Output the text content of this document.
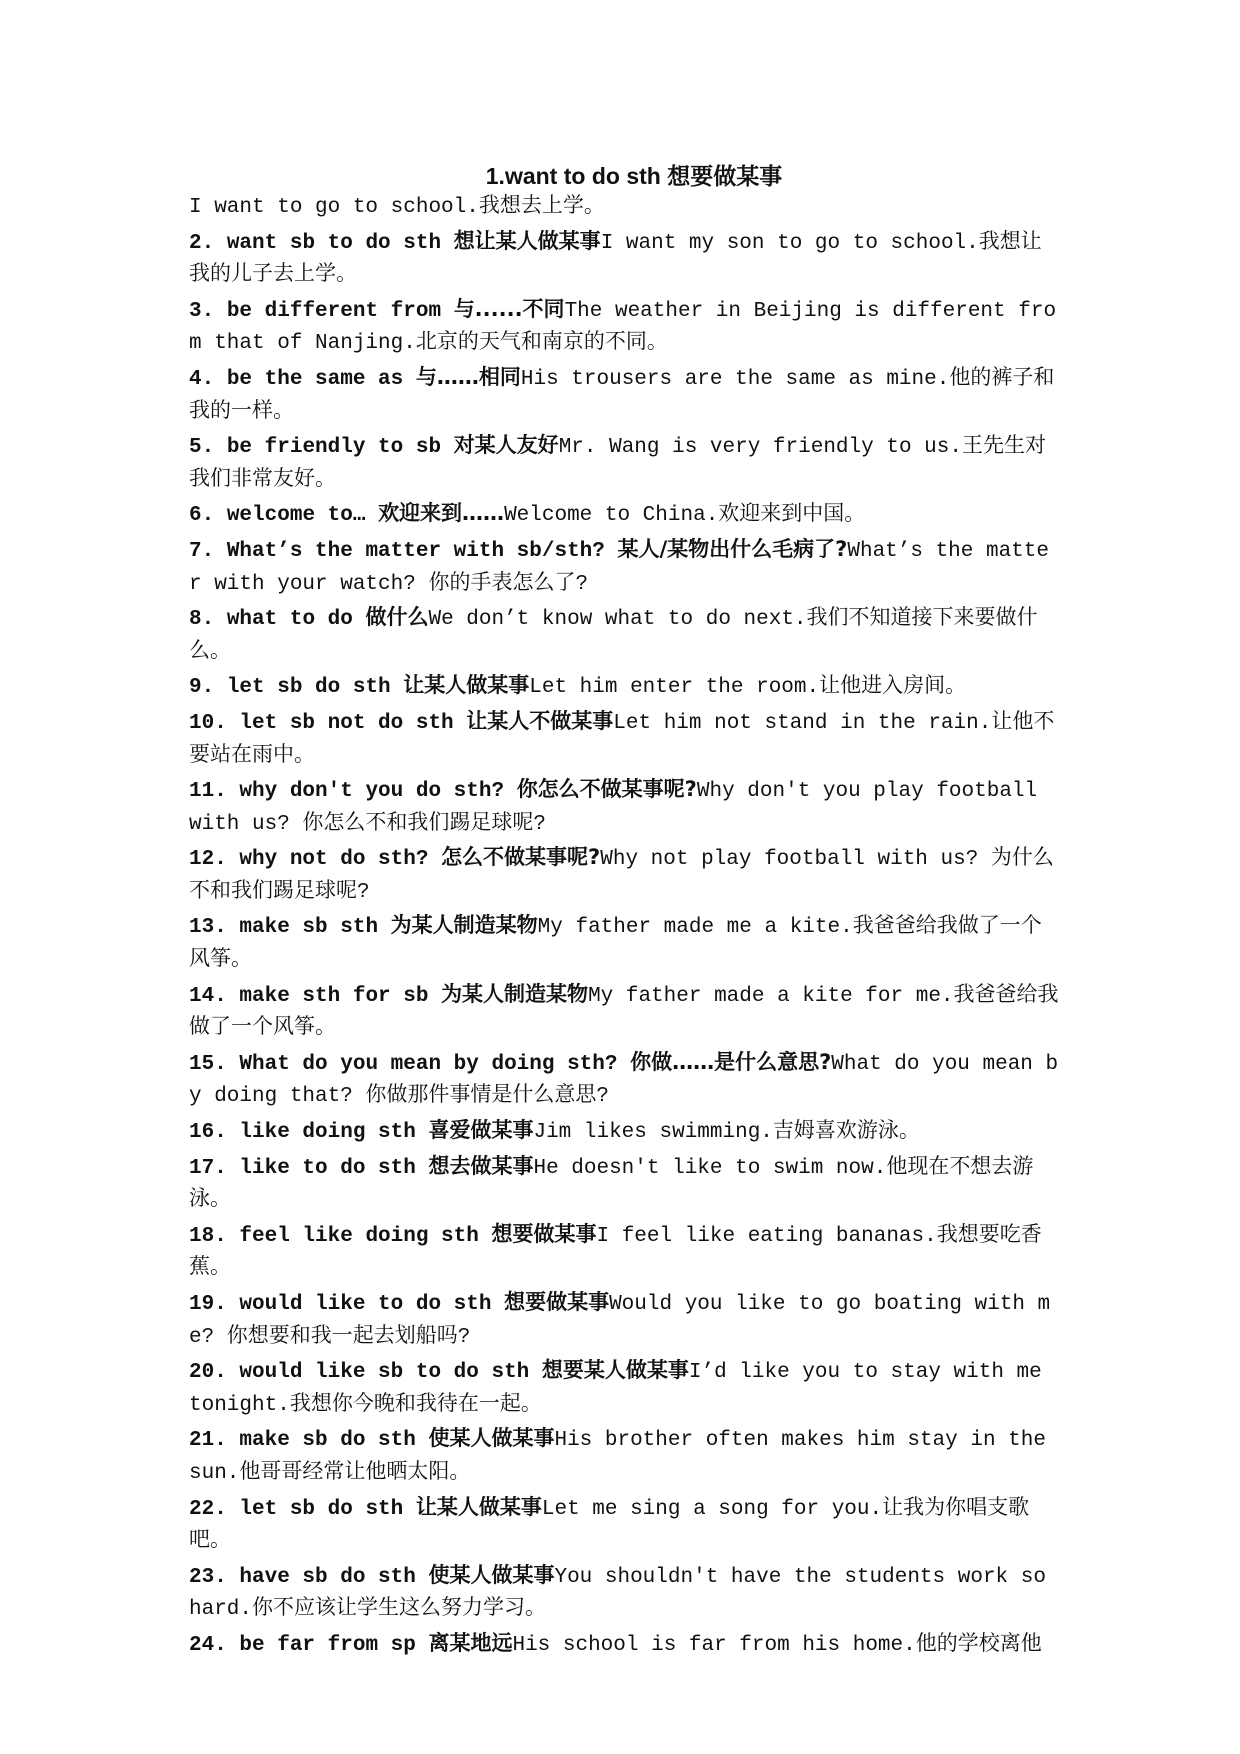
1.want to do sth 想要做某事
I want to go to school.我想去上学。

2. want sb to do sth 想让某人做某事I want my son to go to school.我想让我的儿子去上学。

3. be different from 与......不同The weather in Beijing is different from that of Nanjing.北京的天气和南京的不同。

4. be the same as 与……相同His trousers are the same as mine.他的裤子和我的一样。

5. be friendly to sb 对某人友好Mr. Wang is very friendly to us.王先生对我们非常友好。

6. welcome to… 欢迎来到……Welcome to China.欢迎来到中国。

7. What’s the matter with sb/sth? 某人/某物出什么毛病了?What’s the matter with your watch? 你的手表怎么了?

8. what to do 做什么We don’t know what to do next.我们不知道接下来要做什么。

9. let sb do sth 让某人做某事Let him enter the room.让他进入房间。

10. let sb not do sth 让某人不做某事Let him not stand in the rain.让他不要站在雨中。

11. why don't you do sth? 你怎么不做某事呢?Why don't you play football with us? 你怎么不和我们踢足球呢?

12. why not do sth? 怎么不做某事呢?Why not play football with us? 为什么不和我们踢足球呢?

13. make sb sth 为某人制造某物My father made me a kite.我爸爸给我做了一个风筝。

14. make sth for sb 为某人制造某物My father made a kite for me.我爸爸给我做了一个风筝。

15. What do you mean by doing sth? 你做……是什么意思?What do you mean by doing that? 你做那件事情是什么意思?

16. like doing sth 喜爱做某事Jim likes swimming.吉姆喜欢游泳。

17. like to do sth 想去做某事He doesn't like to swim now.他现在不想去游泳。

18. feel like doing sth 想要做某事I feel like eating bananas.我想要吃香蕉。

19. would like to do sth 想要做某事Would you like to go boating with me? 你想要和我一起去划船吗?

20. would like sb to do sth 想要某人做某事I’d like you to stay with me tonight.我想你今晚和我待在一起。

21. make sb do sth 使某人做某事His brother often makes him stay in the sun.他哥哥经常让他晒太阳。

22. let sb do sth 让某人做某事Let me sing a song for you.让我为你唱支歌吧。

23. have sb do sth 使某人做某事You shouldn't have the students work so hard.你不应该让学生这么努力学习。

24. be far from sp 离某地远His school is far from his home.他的学校离他
